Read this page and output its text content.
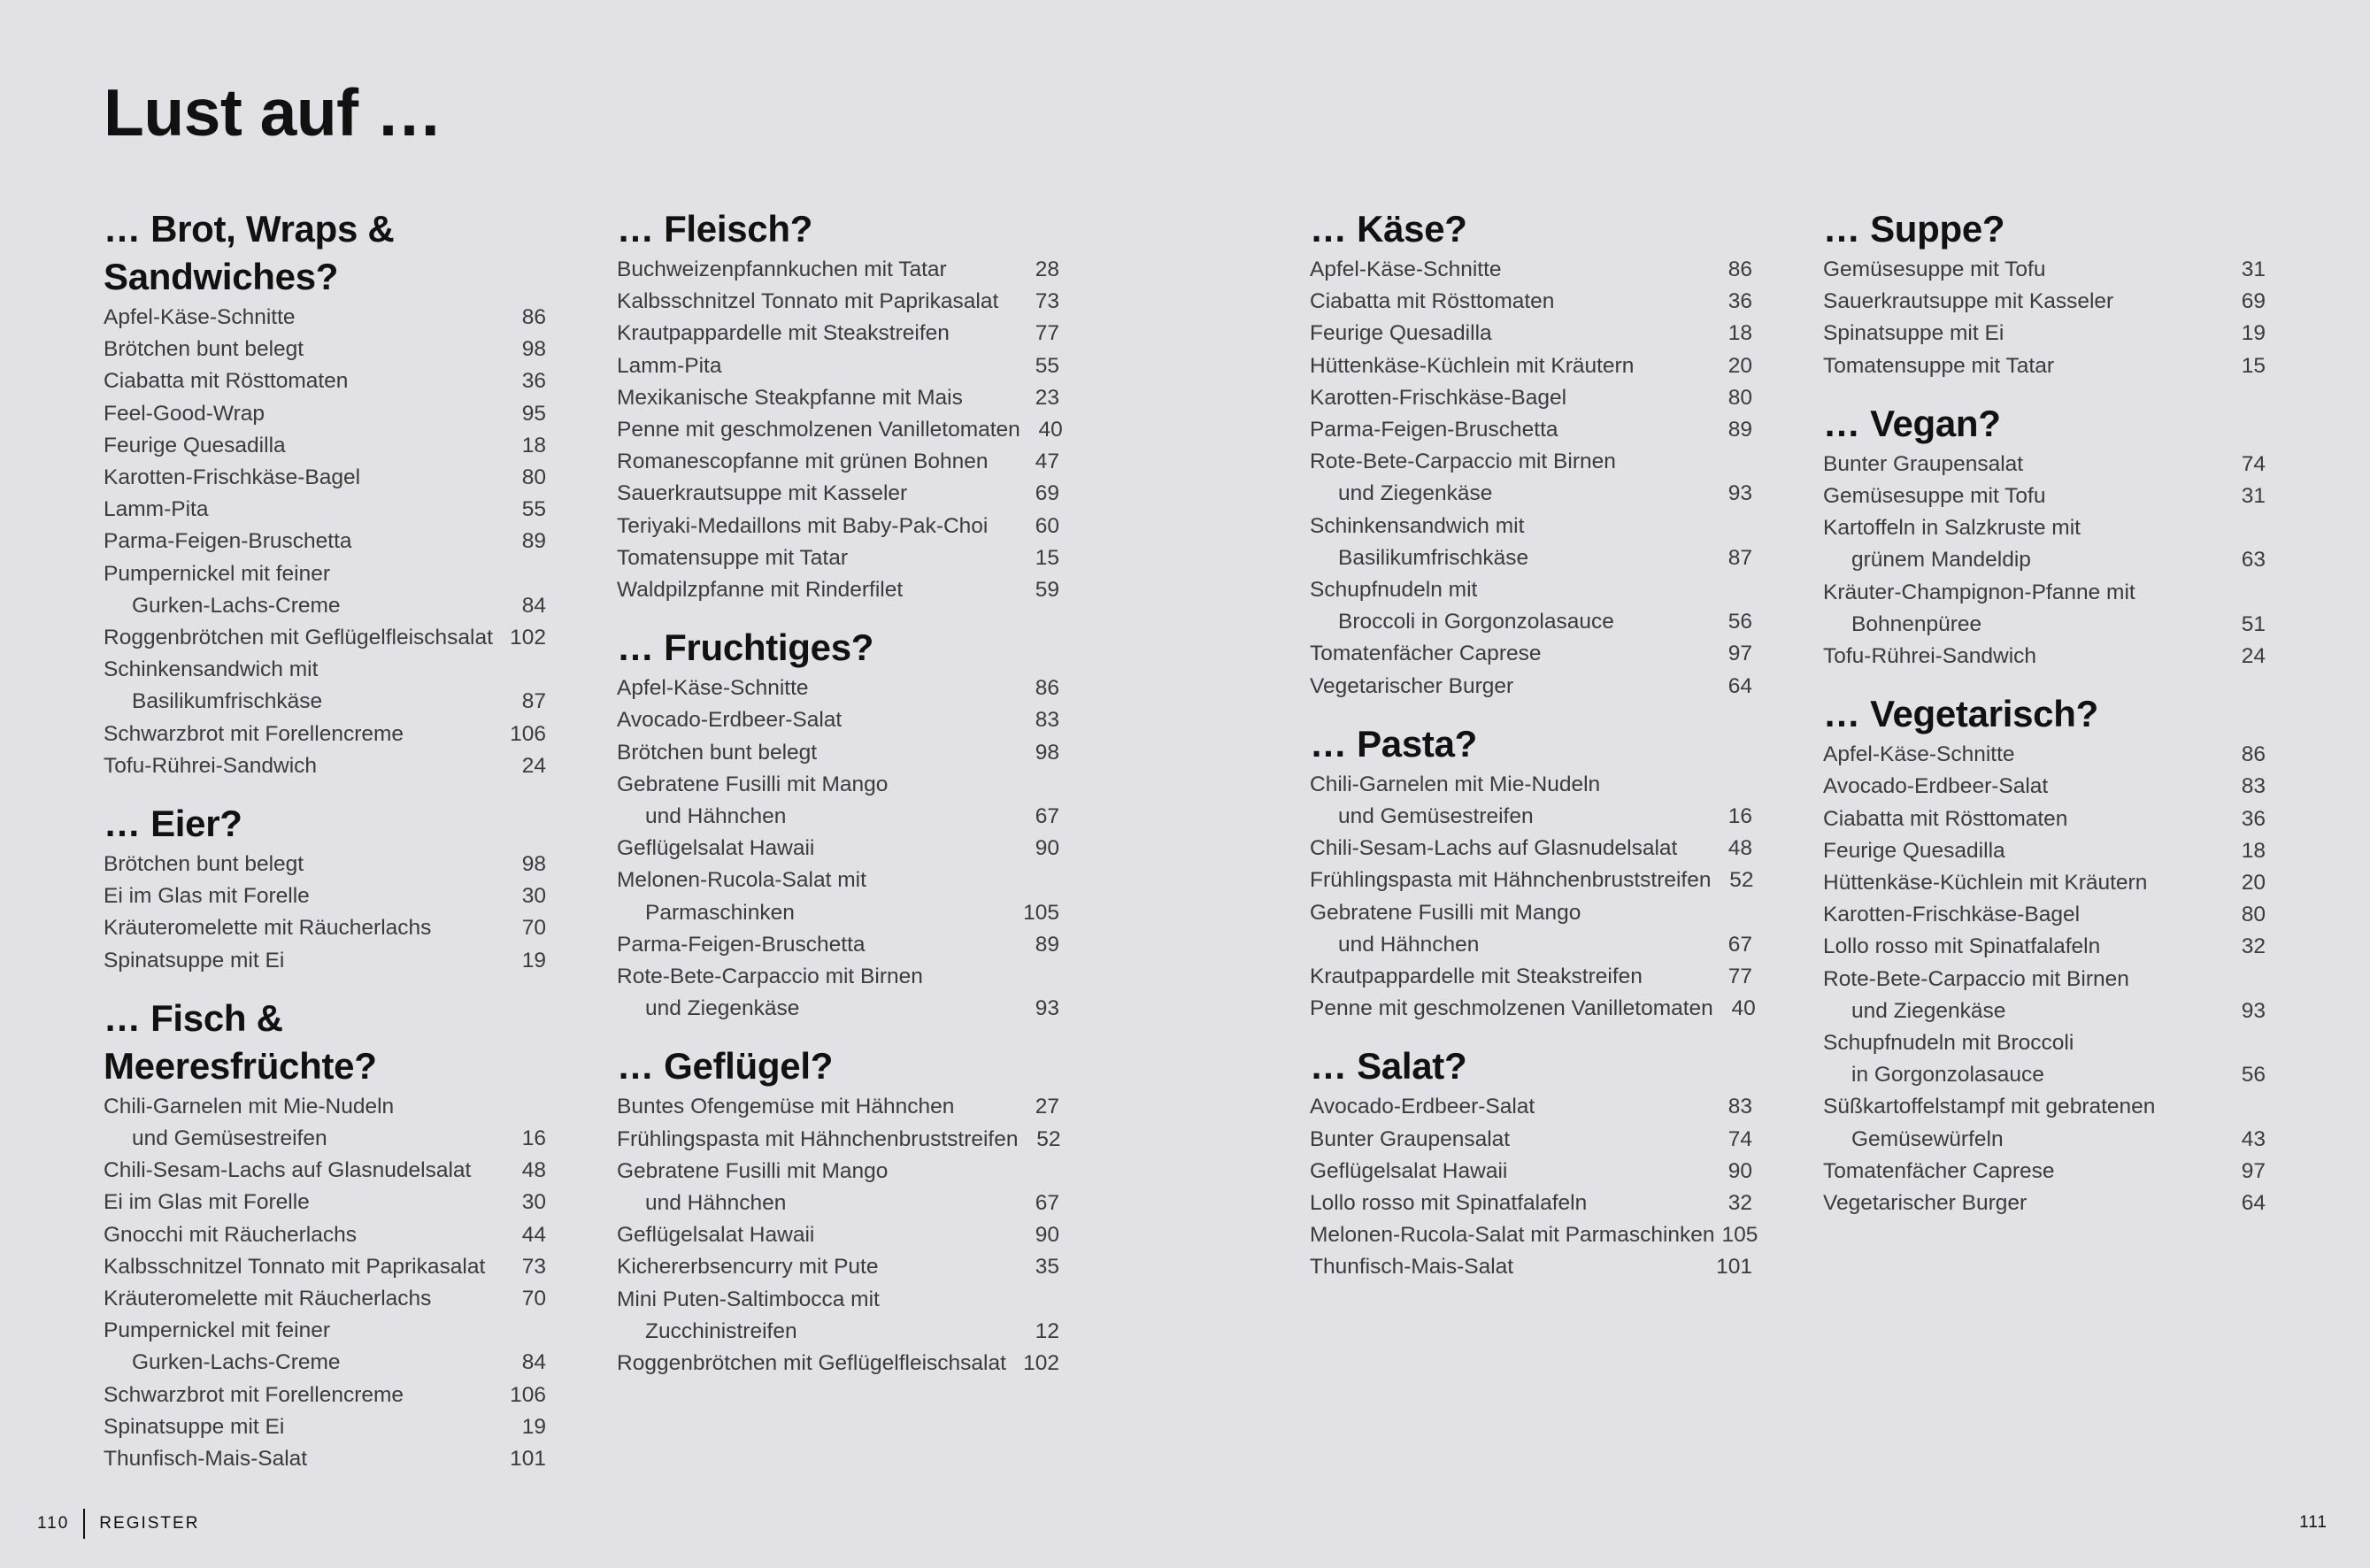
Lust auf …
… Brot, Wraps & Sandwiches?
Apfel-Käse-Schnitte	86
Brötchen bunt belegt	98
Ciabatta mit Rösttomaten	36
Feel-Good-Wrap	95
Feurige Quesadilla	18
Karotten-Frischkäse-Bagel	80
Lamm-Pita	55
Parma-Feigen-Bruschetta	89
Pumpernickel mit feiner
Gurken-Lachs-Creme	84
Roggenbrötchen mit Geflügelfleischsalat 102
Schinkensandwich mit
Basilikumfrischkäse	87
Schwarzbrot mit Forellencreme	106
Tofu-Rührei-Sandwich	24
… Eier?
Brötchen bunt belegt	98
Ei im Glas mit Forelle	30
Kräuteromelette mit Räucherlachs	70
Spinatsuppe mit Ei	19
… Fisch & Meeresfrüchte?
Chili-Garnelen mit Mie-Nudeln
und Gemüsestreifen	16
Chili-Sesam-Lachs auf Glasnudelsalat	48
Ei im Glas mit Forelle	30
Gnocchi mit Räucherlachs	44
Kalbsschnitzel Tonnato mit Paprikasalat	73
Kräuteromelette mit Räucherlachs	70
Pumpernickel mit feiner
Gurken-Lachs-Creme	84
Schwarzbrot mit Forellencreme	106
Spinatsuppe mit Ei	19
Thunfisch-Mais-Salat	101
… Fleisch?
Buchweizenpfannkuchen mit Tatar	28
Kalbsschnitzel Tonnato mit Paprikasalat	73
Krautpappardelle mit Steakstreifen	77
Lamm-Pita	55
Mexikanische Steakpfanne mit Mais	23
Penne mit geschmolzenen Vanilletomaten 40
Romanescopfanne mit grünen Bohnen	47
Sauerkrautsuppe mit Kasseler	69
Teriyaki-Medaillons mit Baby-Pak-Choi	60
Tomatensuppe mit Tatar	15
Waldpilzpfanne mit Rinderfilet	59
… Fruchtiges?
Apfel-Käse-Schnitte	86
Avocado-Erdbeer-Salat	83
Brötchen bunt belegt	98
Gebratene Fusilli mit Mango
und Hähnchen	67
Geflügelsalat Hawaii	90
Melonen-Rucola-Salat mit
Parmaschinken	105
Parma-Feigen-Bruschetta	89
Rote-Bete-Carpaccio mit Birnen
und Ziegenkäse	93
… Geflügel?
Buntes Ofengemüse mit Hähnchen	27
Frühlingspasta mit Hähnchenbruststreifen 52
Gebratene Fusilli mit Mango
und Hähnchen	67
Geflügelsalat Hawaii	90
Kichererbsencurry mit Pute	35
Mini Puten-Saltimbocca mit
Zucchinistreifen	12
Roggenbrötchen mit Geflügelfleischsalat 102
… Käse?
Apfel-Käse-Schnitte	86
Ciabatta mit Rösttomaten	36
Feurige Quesadilla	18
Hüttenkäse-Küchlein mit Kräutern	20
Karotten-Frischkäse-Bagel	80
Parma-Feigen-Bruschetta	89
Rote-Bete-Carpaccio mit Birnen
und Ziegenkäse	93
Schinkensandwich mit
Basilikumfrischkäse	87
Schupfnudeln mit
Broccoli in Gorgonzolasauce	56
Tomatenfächer Caprese	97
Vegetarischer Burger	64
… Pasta?
Chili-Garnelen mit Mie-Nudeln
und Gemüsestreifen	16
Chili-Sesam-Lachs auf Glasnudelsalat	48
Frühlingspasta mit Hähnchenbruststreifen 52
Gebratene Fusilli mit Mango
und Hähnchen	67
Krautpappardelle mit Steakstreifen	77
Penne mit geschmolzenen Vanilletomaten 40
… Salat?
Avocado-Erdbeer-Salat	83
Bunter Graupensalat	74
Geflügelsalat Hawaii	90
Lollo rosso mit Spinatfalafeln	32
Melonen-Rucola-Salat mit Parmaschinken 105
Thunfisch-Mais-Salat	101
… Suppe?
Gemüsesuppe mit Tofu	31
Sauerkrautsuppe mit Kasseler	69
Spinatsuppe mit Ei	19
Tomatensuppe mit Tatar	15
… Vegan?
Bunter Graupensalat	74
Gemüsesuppe mit Tofu	31
Kartoffeln in Salzkruste mit
grünem Mandeldip	63
Kräuter-Champignon-Pfanne mit
Bohnenpüree	51
Tofu-Rührei-Sandwich	24
… Vegetarisch?
Apfel-Käse-Schnitte	86
Avocado-Erdbeer-Salat	83
Ciabatta mit Rösttomaten	36
Feurige Quesadilla	18
Hüttenkäse-Küchlein mit Kräutern	20
Karotten-Frischkäse-Bagel	80
Lollo rosso mit Spinatfalafeln	32
Rote-Bete-Carpaccio mit Birnen
und Ziegenkäse	93
Schupfnudeln mit Broccoli
in Gorgonzolasauce	56
Süßkartoffelstampf mit gebratenen
Gemüsewürfeln	43
Tomatenfächer Caprese	97
Vegetarischer Burger	64
110 REGISTER	111
